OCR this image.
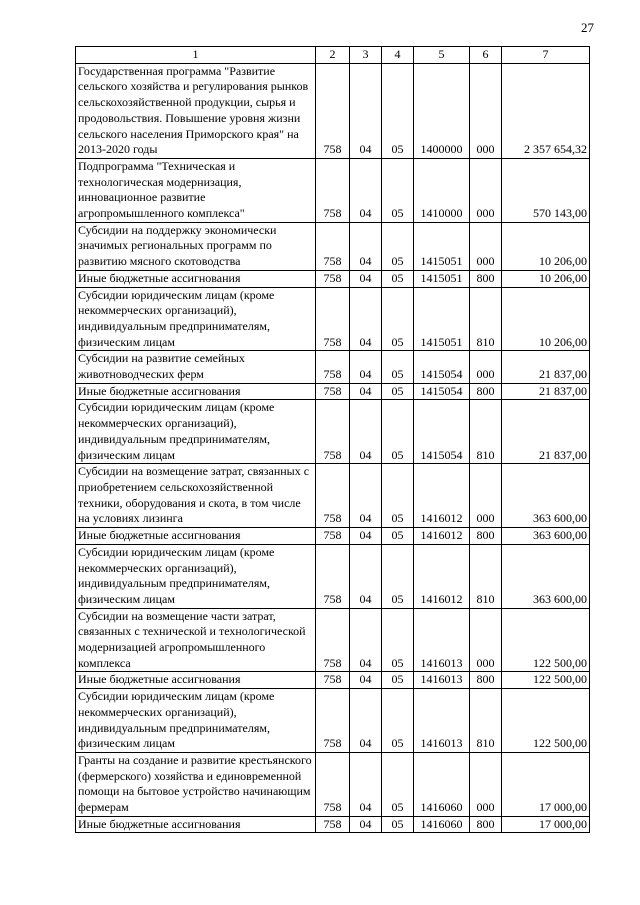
27
1	2	3	4	5	6	7
Государственная программа "Развитие сельского хозяйства и регулирования рынков сельскохозяйственной продукции, сырья и продовольствия. Повышение уровня жизни сельского населения Приморского края" на 2013-2020 годы	758	04	05	1400000	000	2 357 654,32
Подпрограмма "Техническая и технологическая модернизация, инновационное развитие агропромышленного комплекса"	758	04	05	1410000	000	570 143,00
Субсидии на поддержку экономически значимых региональных программ по развитию мясного скотоводства	758	04	05	1415051	000	10 206,00
Иные бюджетные ассигнования	758	04	05	1415051	800	10 206,00
Субсидии юридическим лицам (кроме некоммерческих организаций), индивидуальным предпринимателям, физическим лицам	758	04	05	1415051	810	10 206,00
Субсидии на развитие семейных животноводческих ферм	758	04	05	1415054	000	21 837,00
Иные бюджетные ассигнования	758	04	05	1415054	800	21 837,00
Субсидии юридическим лицам (кроме некоммерческих организаций), индивидуальным предпринимателям, физическим лицам	758	04	05	1415054	810	21 837,00
Субсидии на возмещение затрат, связанных с приобретением сельскохозяйственной техники, оборудования и скота, в том числе на условиях лизинга	758	04	05	1416012	000	363 600,00
Иные бюджетные ассигнования	758	04	05	1416012	800	363 600,00
Субсидии юридическим лицам (кроме некоммерческих организаций), индивидуальным предпринимателям, физическим лицам	758	04	05	1416012	810	363 600,00
Субсидии на возмещение части затрат, связанных с технической и технологической модернизацией агропромышленного комплекса	758	04	05	1416013	000	122 500,00
Иные бюджетные ассигнования	758	04	05	1416013	800	122 500,00
Субсидии юридическим лицам (кроме некоммерческих организаций), индивидуальным предпринимателям, физическим лицам	758	04	05	1416013	810	122 500,00
Гранты на создание и развитие крестьянского (фермерского) хозяйства и единовременной помощи на бытовое устройство начинающим фермерам	758	04	05	1416060	000	17 000,00
Иные бюджетные ассигнования	758	04	05	1416060	800	17 000,00
